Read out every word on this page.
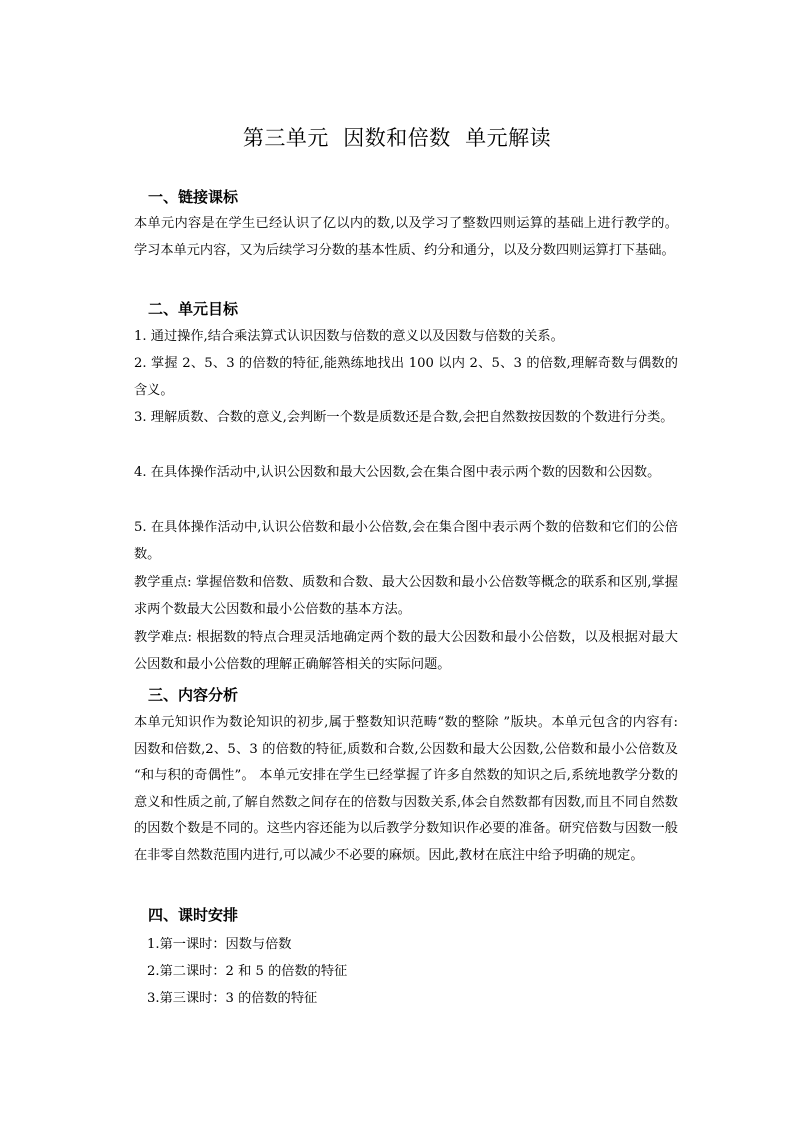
第三单元  因数和倍数  单元解读
一、链接课标
本单元内容是在学生已经认识了亿以内的数,以及学习了整数四则运算的基础上进行教学的。学习本单元内容，又为后续学习分数的基本性质、约分和通分，以及分数四则运算打下基础。
二、单元目标
1. 通过操作,结合乘法算式认识因数与倍数的意义以及因数与倍数的关系。
2. 掌握 2、5、3 的倍数的特征,能熟练地找出 100 以内 2、5、3 的倍数,理解奇数与偶数的含义。
3. 理解质数、合数的意义,会判断一个数是质数还是合数,会把自然数按因数的个数进行分类。
4. 在具体操作活动中,认识公因数和最大公因数,会在集合图中表示两个数的因数和公因数。
5. 在具体操作活动中,认识公倍数和最小公倍数,会在集合图中表示两个数的倍数和它们的公倍数。
教学重点: 掌握倍数和倍数、质数和合数、最大公因数和最小公倍数等概念的联系和区别,掌握求两个数最大公因数和最小公倍数的基本方法。
教学难点: 根据数的特点合理灵活地确定两个数的最大公因数和最小公倍数，以及根据对最大公因数和最小公倍数的理解正确解答相关的实际问题。
三、内容分析
本单元知识作为数论知识的初步,属于整数知识范畴“数的整除 ”版块。本单元包含的内容有: 因数和倍数,2、5、3 的倍数的特征,质数和合数,公因数和最大公因数,公倍数和最小公倍数及 “和与积的奇偶性”。 本单元安排在学生已经掌握了许多自然数的知识之后,系统地教学分数的意义和性质之前,了解自然数之间存在的倍数与因数关系,体会自然数都有因数,而且不同自然数的因数个数是不同的。这些内容还能为以后教学分数知识作必要的准备。研究倍数与因数一般在非零自然数范围内进行,可以减少不必要的麻烦。因此,教材在底注中给予明确的规定。
四、课时安排
1.第一课时：因数与倍数
2.第二课时：2 和 5 的倍数的特征
3.第三课时：3 的倍数的特征
